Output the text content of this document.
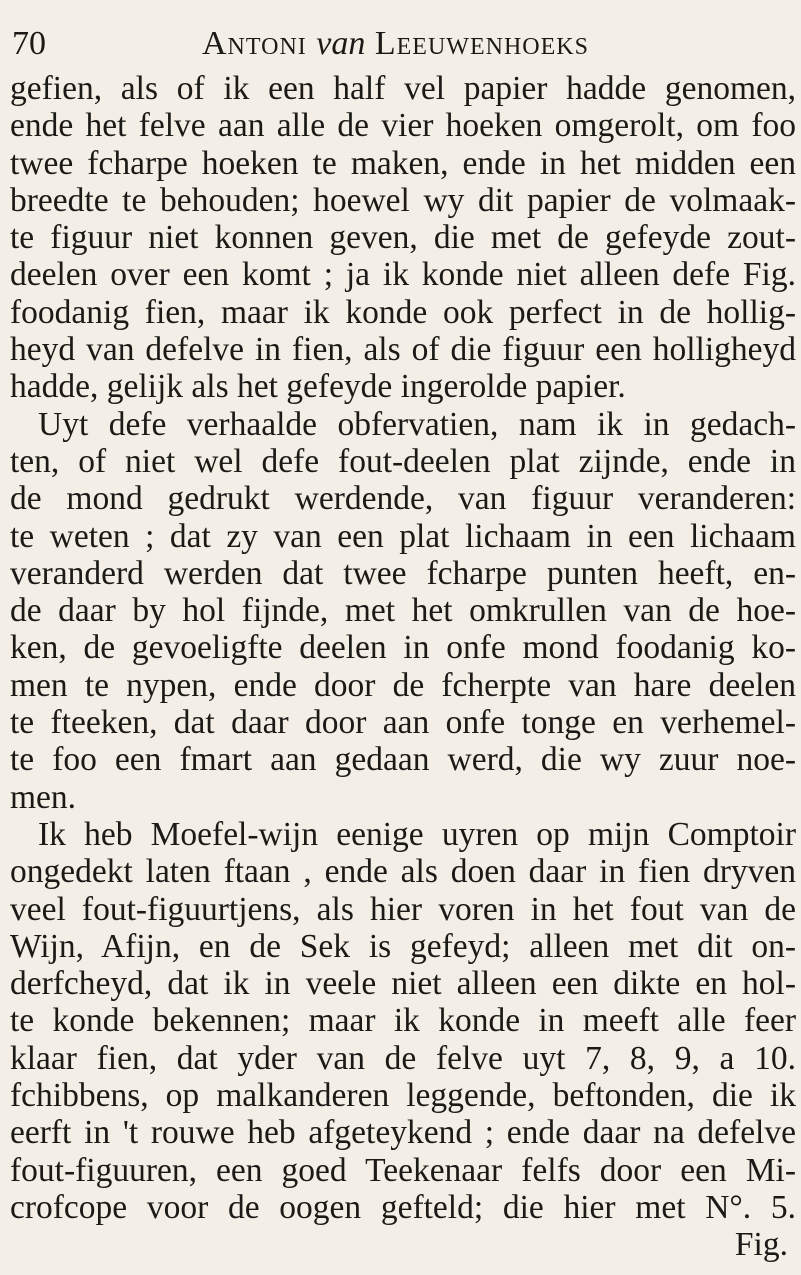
70	Antoni van Leeuwenhoeks
gefien, als of ik een half vel papier hadde genomen,
ende het felve aan alle de vier hoeken omgerolt, om foo
twee fcharpe hoeken te maken, ende in het midden een
breedte te behouden; hoewel wy dit papier de volmaak-
te figuur niet konnen geven, die met de gefeyde zout-
deelen over een komt ; ja ik konde niet alleen defe Fig.
foodanig fien, maar ik konde ook perfect in de hollig-
heyd van defelve in fien, als of die figuur een holligheyd
hadde, gelijk als het gefeyde ingerolde papier.
Uyt defe verhaalde obfervatien, nam ik in gedach-
ten, of niet wel defe fout-deelen plat zijnde, ende in
de mond gedrukt werdende, van figuur veranderen:
te weten ; dat zy van een plat lichaam in een lichaam
veranderd werden dat twee fcharpe punten heeft, en-
de daar by hol fijnde, met het omkrullen van de hoe-
ken, de gevoeligfte deelen in onfe mond foodanig ko-
men te nypen, ende door de fcherpte van hare deelen
te fteeken, dat daar door aan onfe tonge en verhemel-
te foo een fmart aan gedaan werd, die wy zuur noe-
men.
Ik heb Moefel-wijn eenige uyren op mijn Comptoir
ongedekt laten ftaan , ende als doen daar in fien dryven
veel fout-figuurtjens, als hier voren in het fout van de
Wijn, Afijn, en de Sek is gefeyd; alleen met dit on-
derfcheyd, dat ik in veele niet alleen een dikte en hol-
te konde bekennen; maar ik konde in meeft alle feer
klaar fien, dat yder van de felve uyt 7, 8, 9, a 10.
fchibbens, op malkanderen leggende, beftonden, die ik
eerft in 't rouwe heb afgeteykend ; ende daar na defelve
fout-figuuren, een goed Teekenaar felfs door een Mi-
crofcope voor de oogen gefteld; die hier met N°. 5.
Fig.
